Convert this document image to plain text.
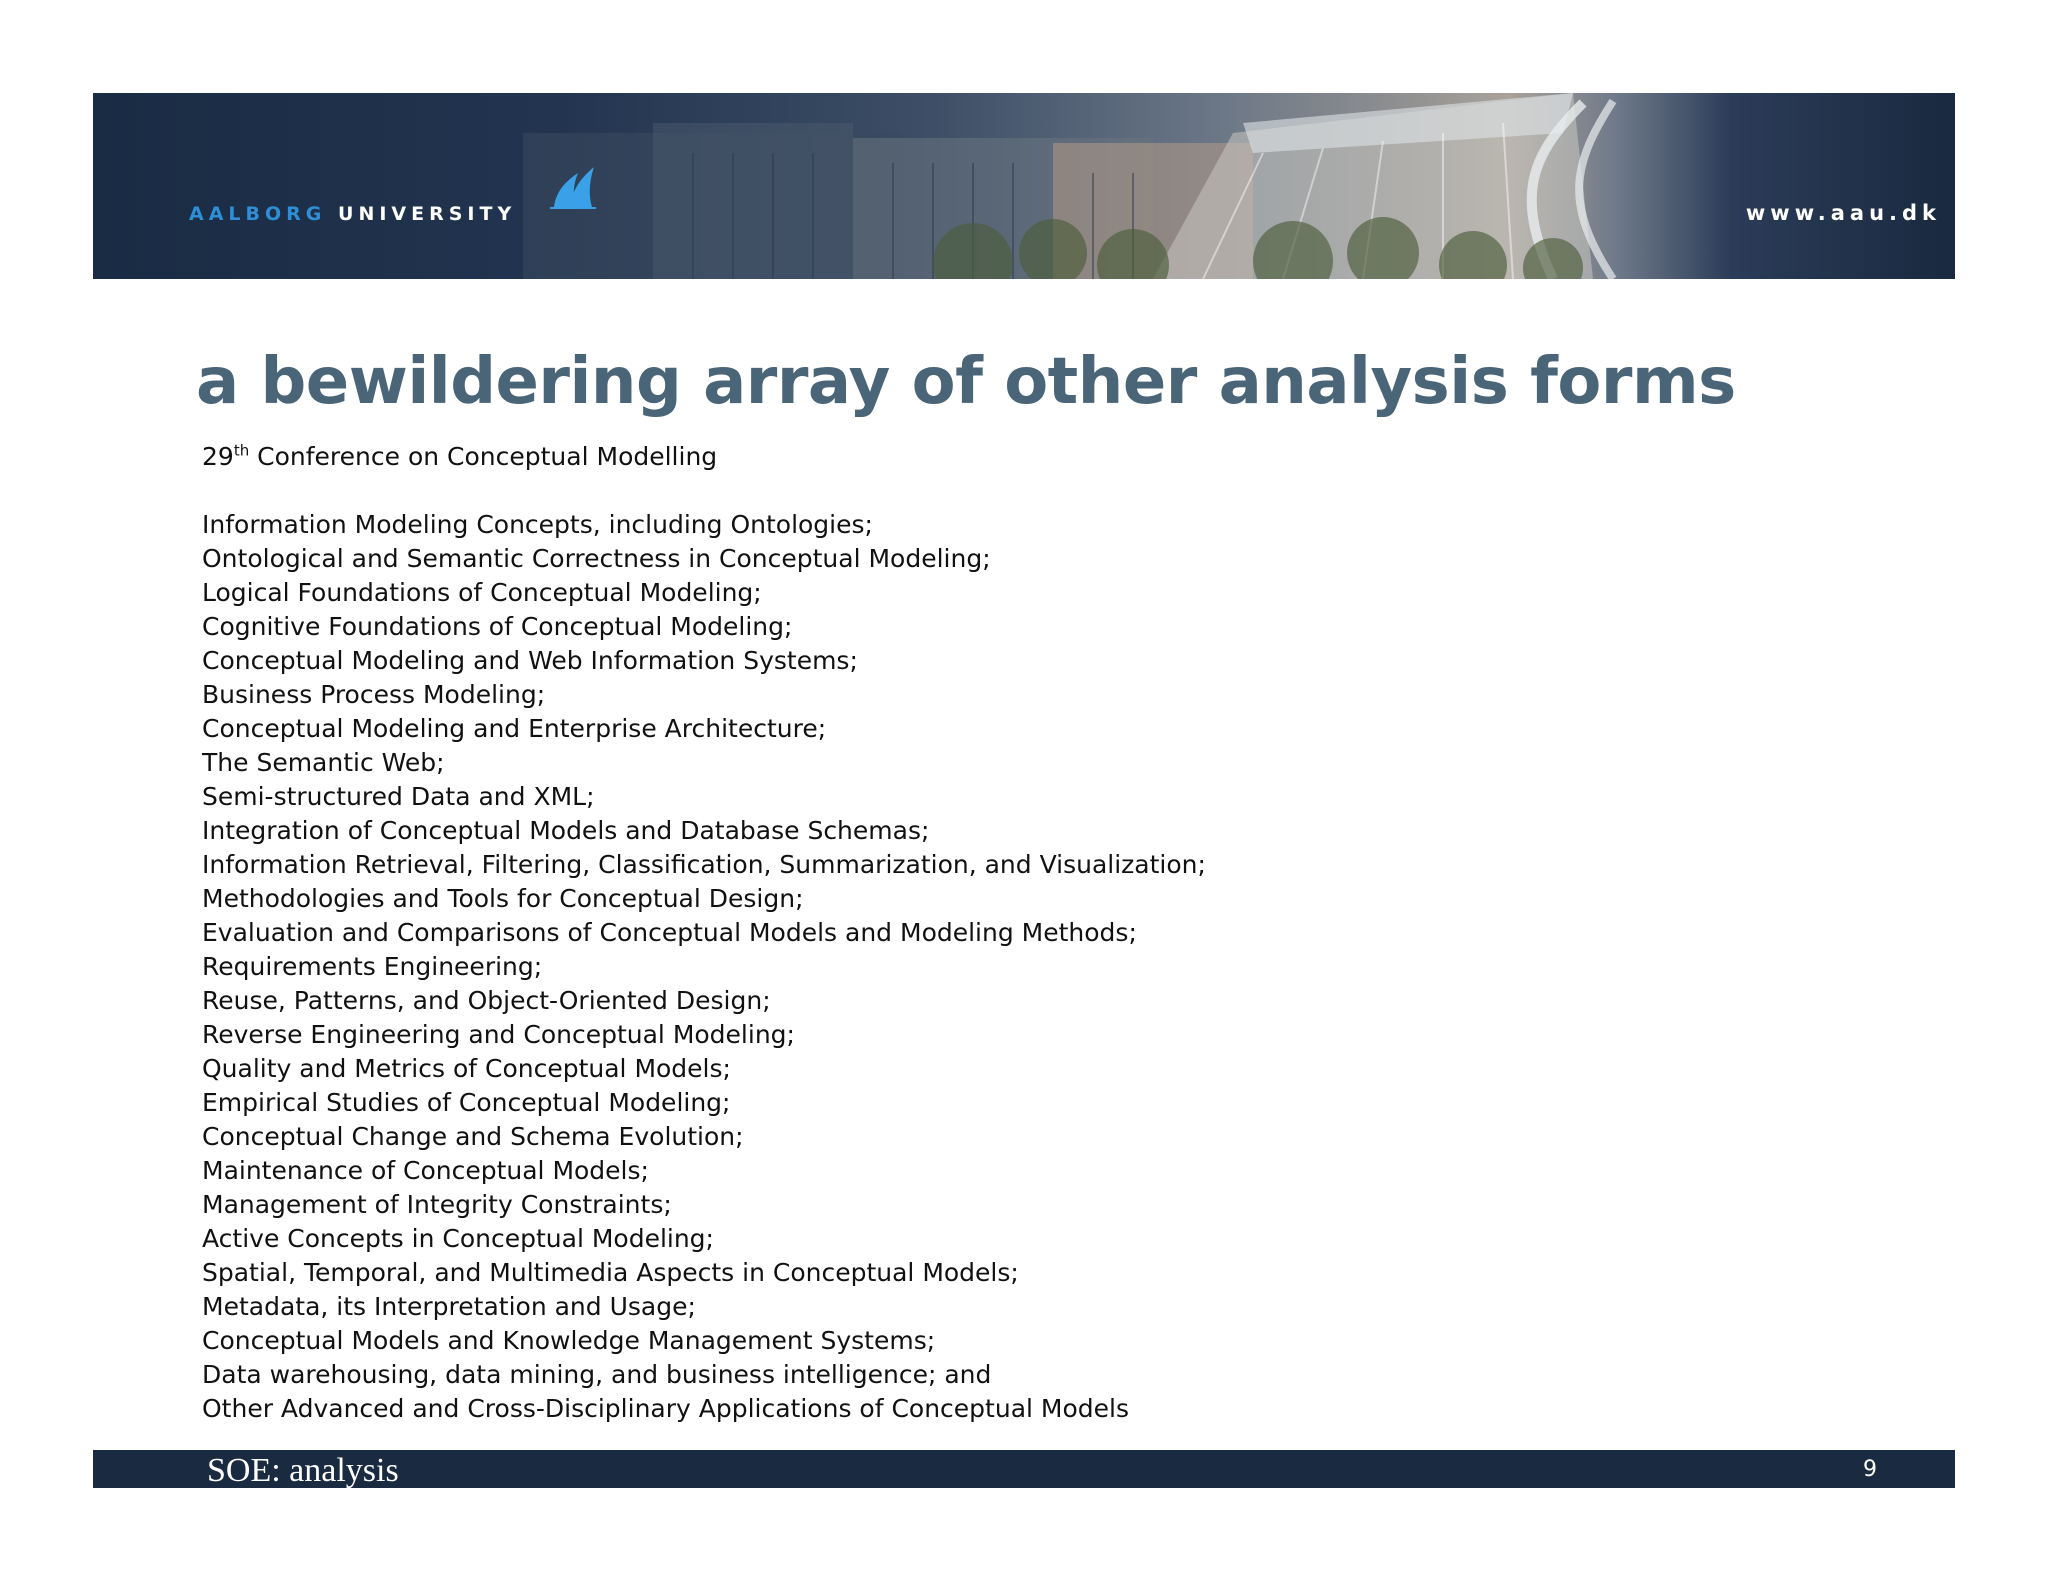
AALBORG UNIVERSITY	www.aau.dk
a bewildering array of other analysis forms

29th Conference on Conceptual Modelling

Information Modeling Concepts, including Ontologies;
Ontological and Semantic Correctness in Conceptual Modeling;
Logical Foundations of Conceptual Modeling;
Cognitive Foundations of Conceptual Modeling;
Conceptual Modeling and Web Information Systems;
Business Process Modeling;
Conceptual Modeling and Enterprise Architecture;
The Semantic Web;
Semi-structured Data and XML;
Integration of Conceptual Models and Database Schemas;
Information Retrieval, Filtering, Classification, Summarization, and Visualization;
Methodologies and Tools for Conceptual Design;
Evaluation and Comparisons of Conceptual Models and Modeling Methods;
Requirements Engineering;
Reuse, Patterns, and Object-Oriented Design;
Reverse Engineering and Conceptual Modeling;
Quality and Metrics of Conceptual Models;
Empirical Studies of Conceptual Modeling;
Conceptual Change and Schema Evolution;
Maintenance of Conceptual Models;
Management of Integrity Constraints;
Active Concepts in Conceptual Modeling;
Spatial, Temporal, and Multimedia Aspects in Conceptual Models;
Metadata, its Interpretation and Usage;
Conceptual Models and Knowledge Management Systems;
Data warehousing, data mining, and business intelligence; and
Other Advanced and Cross-Disciplinary Applications of Conceptual Models
SOE: analysis	9
